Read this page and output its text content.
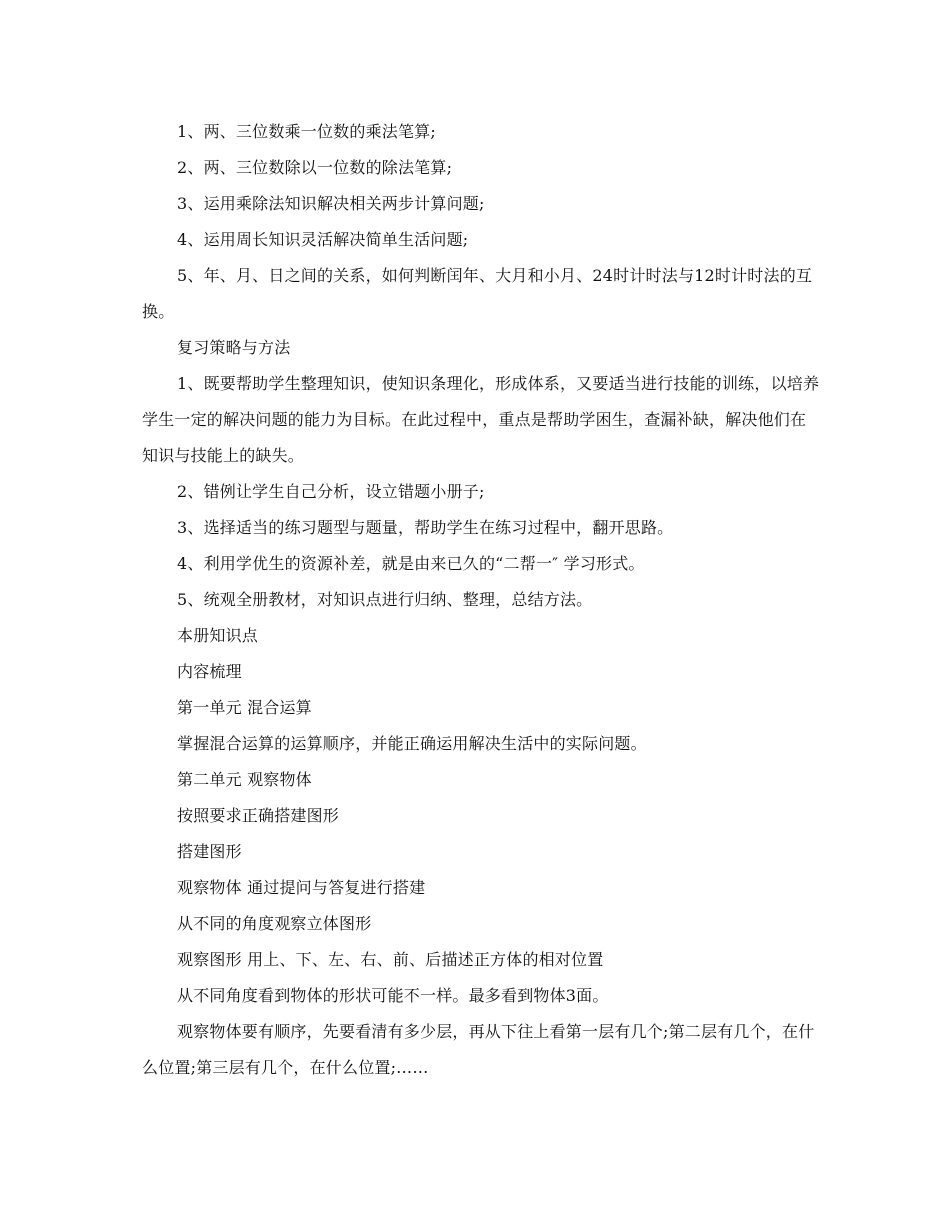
1、两、三位数乘一位数的乘法笔算;

2、两、三位数除以一位数的除法笔算;

3、运用乘除法知识解决相关两步计算问题;

4、运用周长知识灵活解决简单生活问题;

5、年、月、日之间的关系，如何判断闰年、大月和小月、24时计时法与12时计时法的互换。

复习策略与方法

1、既要帮助学生整理知识，使知识条理化，形成体系，又要适当进行技能的训练，以培养学生一定的解决问题的能力为目标。在此过程中，重点是帮助学困生，查漏补缺，解决他们在知识与技能上的缺失。

2、错例让学生自己分析，设立错题小册子;

3、选择适当的练习题型与题量，帮助学生在练习过程中，翻开思路。

4、利用学优生的资源补差，就是由来已久的“二帮一″ 学习形式。

5、统观全册教材，对知识点进行归纳、整理，总结方法。

本册知识点

内容梳理

第一单元 混合运算

掌握混合运算的运算顺序，并能正确运用解决生活中的实际问题。

第二单元 观察物体

按照要求正确搭建图形

搭建图形

观察物体 通过提问与答复进行搭建

从不同的角度观察立体图形

观察图形 用上、下、左、右、前、后描述正方体的相对位置

从不同角度看到物体的形状可能不一样。最多看到物体3面。

观察物体要有顺序，先要看清有多少层，再从下往上看第一层有几个;第二层有几个，在什么位置;第三层有几个，在什么位置;……
